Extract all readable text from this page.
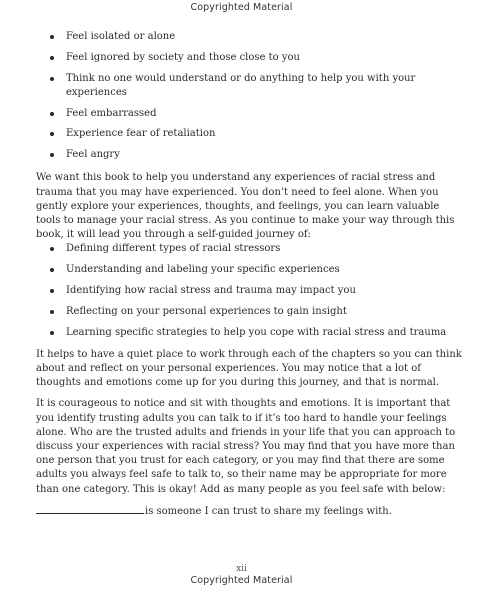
Copyrighted Material
Feel isolated or alone
Feel ignored by society and those close to you
Think no one would understand or do anything to help you with your experiences
Feel embarrassed
Experience fear of retaliation
Feel angry

We want this book to help you understand any experiences of racial stress and trauma that you may have experienced. You don’t need to feel alone. When you gently explore your experiences, thoughts, and feelings, you can learn valuable tools to manage your racial stress. As you continue to make your way through this book, it will lead you through a self-guided journey of:

Defining different types of racial stressors
Understanding and labeling your specific experiences
Identifying how racial stress and trauma may impact you
Reflecting on your personal experiences to gain insight
Learning specific strategies to help you cope with racial stress and trauma

It helps to have a quiet place to work through each of the chapters so you can think about and reflect on your personal experiences. You may notice that a lot of thoughts and emotions come up for you during this journey, and that is normal.

It is courageous to notice and sit with thoughts and emotions. It is important that you identify trusting adults you can talk to if it’s too hard to handle your feelings alone. Who are the trusted adults and friends in your life that you can approach to discuss your experiences with racial stress? You may find that you have more than one person that you trust for each category, or you may find that there are some adults you always feel safe to talk to, so their name may be appropriate for more than one category. This is okay! Add as many people as you feel safe with below:

is someone I can trust to share my feelings with.

xii
Copyrighted Material
